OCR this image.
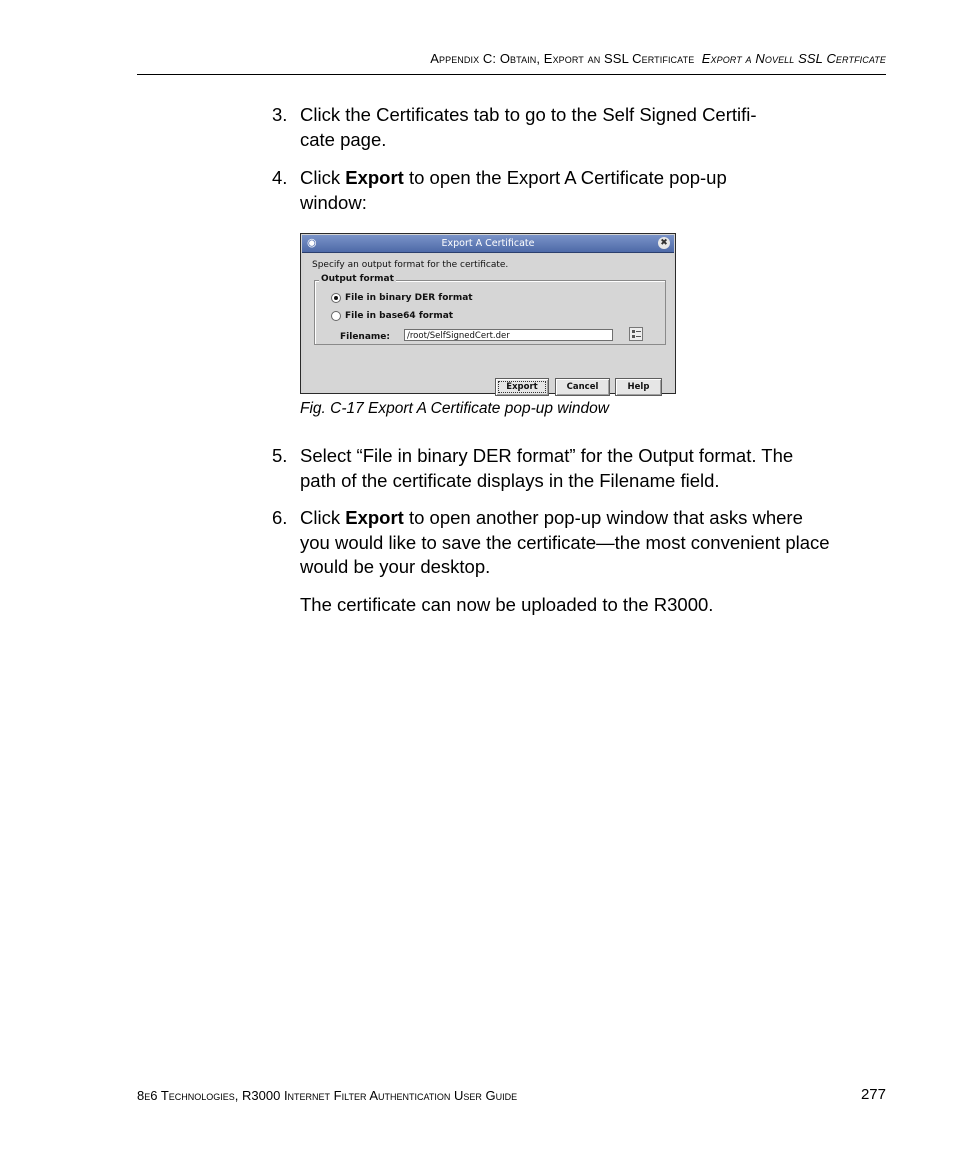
Appendix C: Obtain, Export an SSL Certificate Export a Novell SSL Certficate
3. Click the Certificates tab to go to the Self Signed Certifi-
cate page.
4. Click Export to open the Export A Certificate pop-up
window:
◉	Export A Certificate	✖
Specify an output format for the certificate.
Output format
File in binary DER format
File in base64 format
Filename:	/root/SelfSignedCert.der
Export	Cancel	Help
Fig. C-17 Export A Certificate pop-up window
5. Select “File in binary DER format” for the Output format. The path of the certificate displays in the Filename field.
6. Click Export to open another pop-up window that asks where you would like to save the certificate—the most convenient place would be your desktop.
The certificate can now be uploaded to the R3000.
8e6 Technologies, R3000 Internet Filter Authentication User Guide	277
